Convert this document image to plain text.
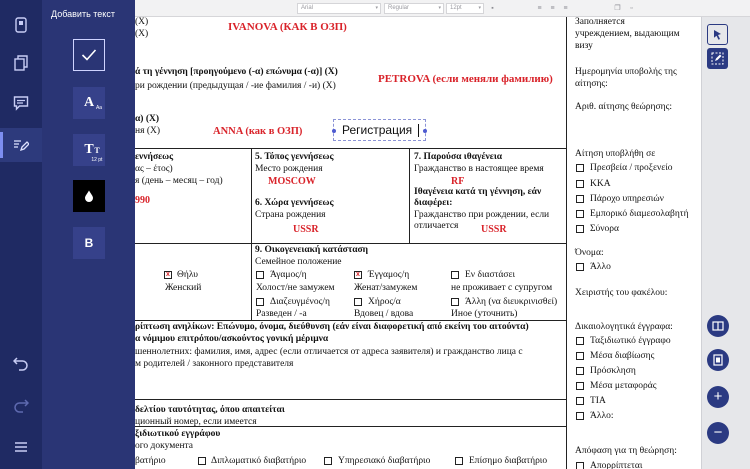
Добавить текст
A Aa
T T
12 pt
B
Arial	▾	Regular	▾	12pt	▾	▪	≡	≡	≡	❐	▫
(X)
(X)
IVANOVA (КАК В ОЗП)
ά τη γέννηση [προηγούμενο (-α) επώνυμα (-α)] (X)
ри рождении (предыдущая / -ие фамилия / -и) (X)
PETROVA (если меняли фамилию)
α) (X)
ня (X)	ANNA (как в ОЗП)	Регистрация
εννήσεως
ας – έτος)
я (день – месяц – год)
990
5. Τόπος γεννήσεως
Место рождения
MOSCOW
6. Χώρα γεννήσεως
Страна рождения
USSR
7. Παρούσα ιθαγένεια
Гражданство в настоящее время
RF
Ιθαγένεια κατά τη γέννηση, εάν
διαφέρει:
Гражданство при рождении, если
отличается USSR
x Θήλυ
Женский
9. Οικογενειακή κατάσταση
Семейное положение
Άγαμος/η
Холост/не замужем
x Έγγαμος/η
Женат/замужем
Εν διαστάσει
не проживает с супругом
Διαζευγμένος/η
Разведен / -а
Χήρος/α
Вдовец / вдова
Άλλη (να διευκρινισθεί)
Иное (уточнить)
ρίπτωση ανηλίκων: Επώνυμο, όνομα, διεύθυνση (εάν είναι διαφορετική από εκείνη του αιτούντα)
α νόμιμου επιτρόπου/ασκούντος γονική μέριμνα
шеннолетних: фамилия, имя, адрес (если отличается от адреса заявителя) и гражданство лица с
м родителей / законного представителя
δελτίου ταυτότητας, όπου απαιτείται
ционный номер, если имеется
ξιδιωτικού εγγράφου
ого документа
βατήριο	Διπλωματικό διαβατήριο	Υπηρεσιακό διαβατήριο	Επίσημο διαβατήριο
Заполняется
учреждением, выдающим
визу
Ημερομηνία υποβολής της
αίτησης:
Αριθ. αίτησης θεώρησης:
Αίτηση υποβλήθη σε
Πρεσβεία / προξενείο
ΚΚΑ
Πάροχο υπηρεσιών
Εμπορικό διαμεσολαβητή
Σύνορα
Όνομα:
Άλλο
Χειριστής του φακέλου:
Δικαιολογητικά έγγραφα:
Ταξιδιωτικό έγγραφο
Μέσα διαβίωσης
Πρόσκληση
Μέσα μεταφοράς
ΤΙΑ
Άλλο:
Απόφαση για τη θεώρηση:
Απορρίπτεται
+
−
